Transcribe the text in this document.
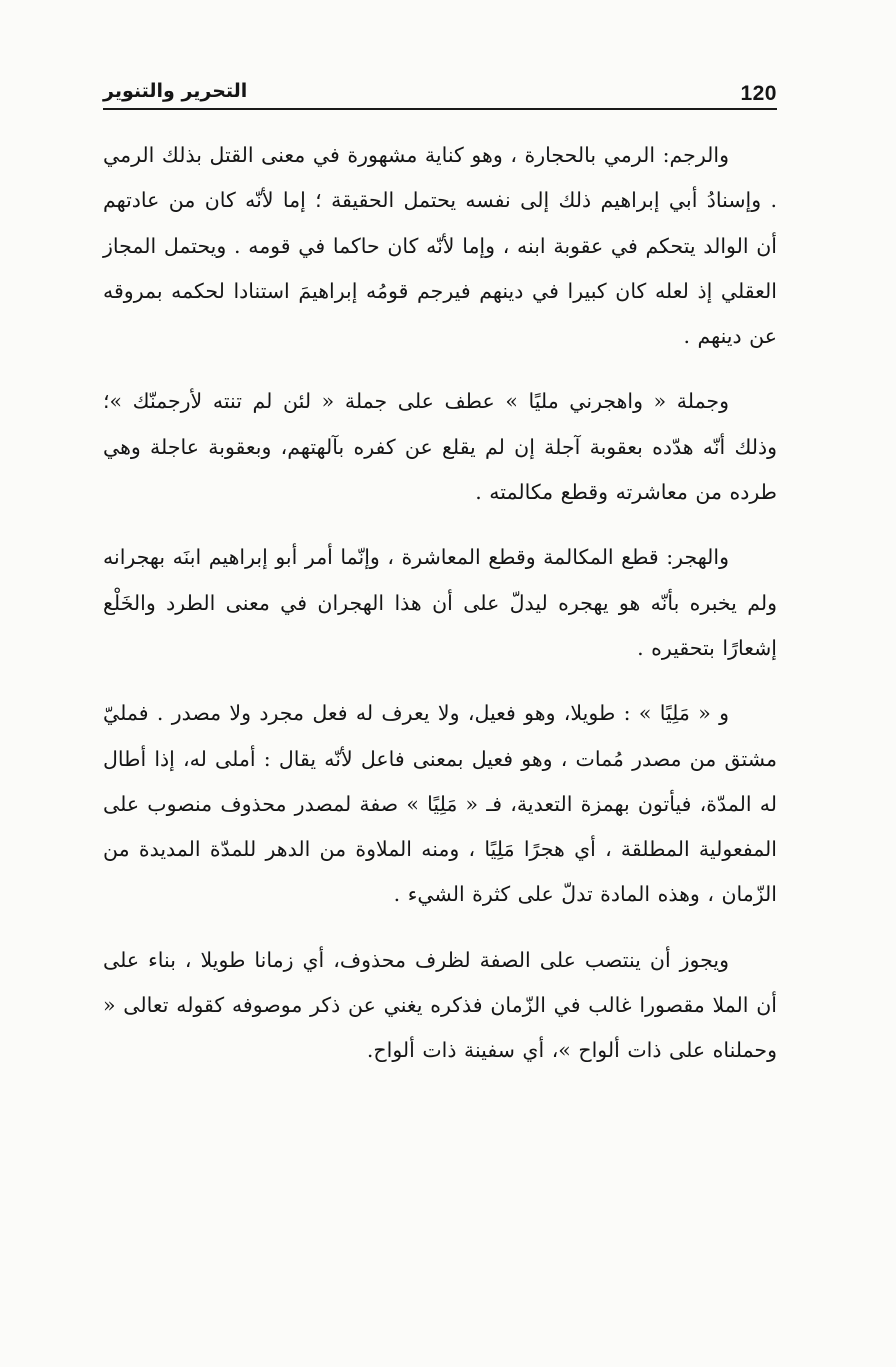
التحرير والتنوير	120

والرجم: الرمي بالحجارة ، وهو كناية مشهورة في معنى القتل بذلك الرمي . وإسنادُ أبي إبراهيم ذلك إلى نفسه يحتمل الحقيقة ؛ إما لأنّه كان من عادتهم أن الوالد يتحكم في عقوبة ابنه ، وإما لأنّه كان حاكما في قومه . ويحتمل المجاز العقلي إذ لعله كان كبيرا في دينهم فيرجم قومُه إبراهيمَ استنادا لحكمه بمروقه عن دينهم .

وجملة « واهجرني مليًا » عطف على جملة « لئن لم تنته لأرجمنّك »؛ وذلك أنّه هدّده بعقوبة آجلة إن لم يقلع عن كفره بآلهتهم، وبعقوبة عاجلة وهي طرده من معاشرته وقطع مكالمته .

والهجر: قطع المكالمة وقطع المعاشرة ، وإنّما أمر أبو إبراهيم ابنَه بهجرانه ولم يخبره بأنّه هو يهجره ليدلّ على أن هذا الهجران في معنى الطرد والخَلْع إشعارًا بتحقيره .

و « مَلِيًا » : طويلا، وهو فعيل، ولا يعرف له فعل مجرد ولا مصدر . فمليّ مشتق من مصدر مُمات ، وهو فعيل بمعنى فاعل لأنّه يقال : أملى له، إذا أطال له المدّة، فيأتون بهمزة التعدية، فـ « مَلِيًا » صفة لمصدر محذوف منصوب على المفعولية المطلقة ، أي هجرًا مَلِيًا ، ومنه الملاوة من الدهر للمدّة المديدة من الزّمان ، وهذه المادة تدلّ على كثرة الشيء .

ويجوز أن ينتصب على الصفة لظرف محذوف، أي زمانا طويلا ، بناء على أن الملا مقصورا غالب في الزّمان فذكره يغني عن ذكر موصوفه كقوله تعالى « وحملناه على ذات ألواح »، أي سفينة ذات ألواح.
